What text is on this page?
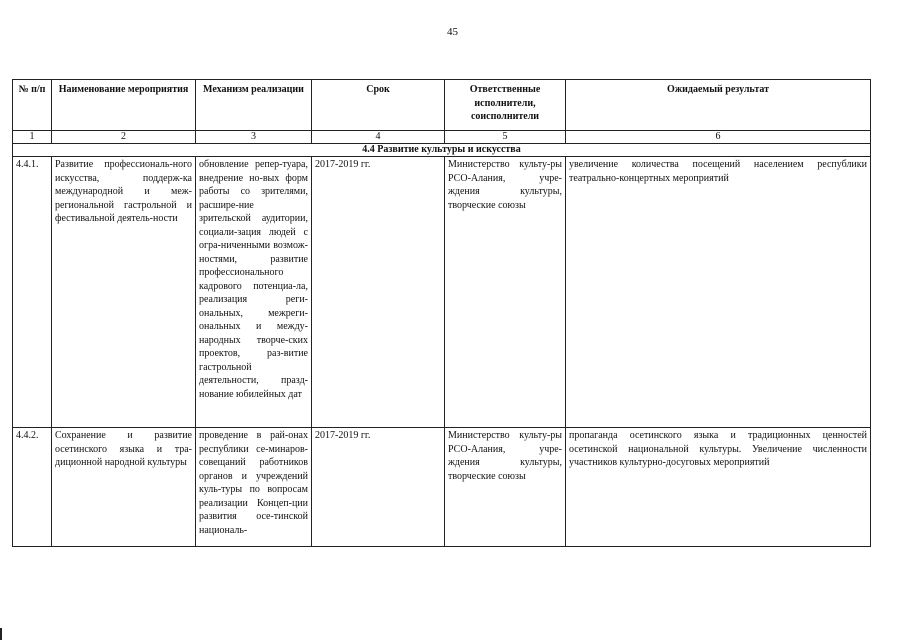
45
№ п/п	Наименование мероприятия	Механизм реализации	Срок	Ответственные исполнители, соисполнители	Ожидаемый результат
1	2	3	4	5	6
4.4 Развитие культуры и искусства					
4.4.1.	Развитие профессиональ-ного искусства, поддерж-ка международной и меж-региональной гастрольной и фестивальной деятель-ности	обновление репер-туара, внедрение но-вых форм работы со зрителями, расшире-ние зрительской аудитории, социали-зация людей с огра-ниченными возмож-ностями, развитие профессионального кадрового потенциа-ла, реализация реги-ональных, межреги-ональных и между-народных творче-ских проектов, раз-витие гастрольной деятельности, празд-нование юбилейных дат	2017-2019 гг.	Министерство культу-ры РСО-Алания, учре-ждения культуры, творческие союзы	увеличение количества посещений населением республики театрально-концертных мероприятий
4.4.2.	Сохранение и развитие осетинского языка и тра-диционной народной культуры	проведение в рай-онах республики се-минаров-совещаний работников органов и учреждений куль-туры по вопросам реализации Концеп-ции развития осе-тинской националь-	2017-2019 гг.	Министерство культу-ры РСО-Алания, учре-ждения культуры, творческие союзы	пропаганда осетинского языка и традиционных ценностей осетинской национальной культуры. Увеличение численности участников культурно-досуговых мероприятий
